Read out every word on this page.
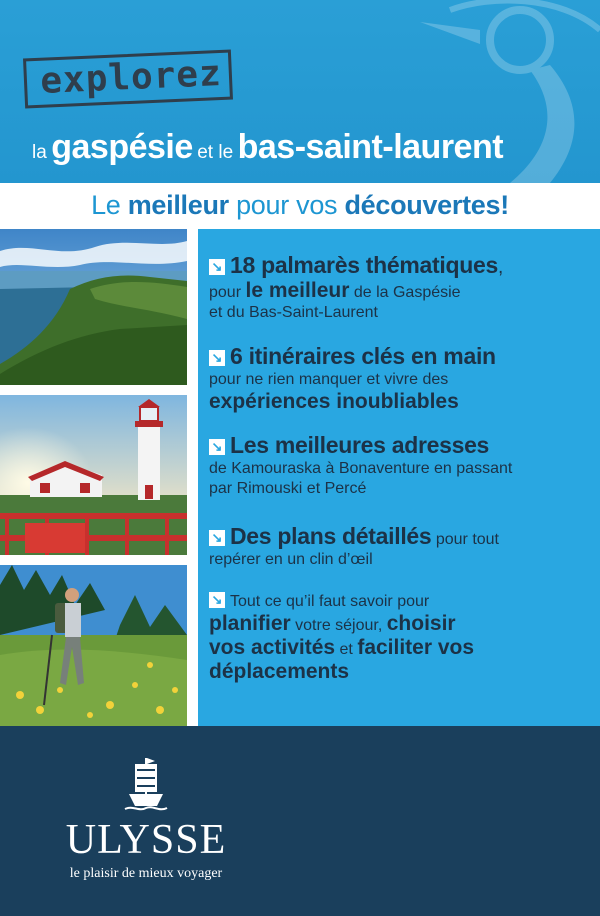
explorez
la gaspésie et le bas-saint-laurent
Le meilleur pour vos découvertes!
↘ 18 palmarès thématiques,
pour le meilleur de la Gaspésie
et du Bas-Saint-Laurent
↘ 6 itinéraires clés en main
pour ne rien manquer et vivre des
expériences inoubliables
↘ Les meilleures adresses
de Kamouraska à Bonaventure en passant
par Rimouski et Percé
↘ Des plans détaillés pour tout
repérer en un clin d’œil
↘ Tout ce qu’il faut savoir pour
planifier votre séjour, choisir
vos activités et faciliter vos
déplacements
ULYSSE
le plaisir de mieux voyager
